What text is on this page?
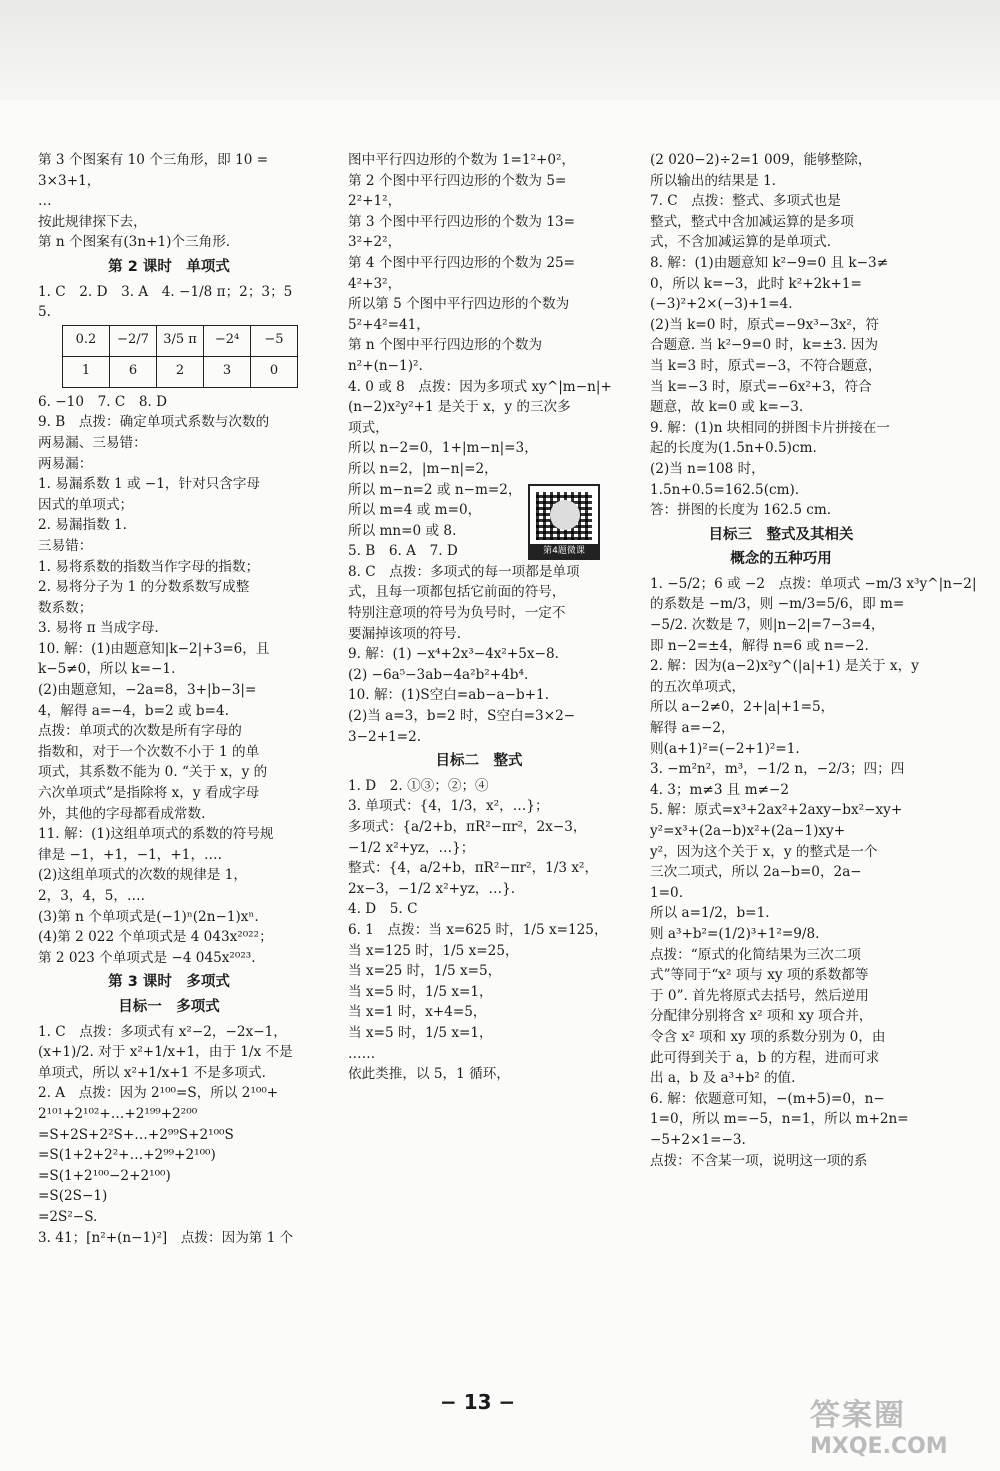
第 3 个图案有 10 个三角形，即 10 =

3×3+1，

…

按此规律探下去，

第 n 个图案有(3n+1)个三角形.

第 2 课时　单项式

1. C　2. D　3. A　4. −1/8 π；2；3；5

5.

0.2	−2/7	3/5 π	−2⁴	−5
1	6	2	3	0

6. −10　7. C　8. D

9. B　点拨：确定单项式系数与次数的

两易漏、三易错：

两易漏：

1. 易漏系数 1 或 −1，针对只含字母

因式的单项式；

2. 易漏指数 1.

三易错：

1. 易将系数的指数当作字母的指数；

2. 易将分子为 1 的分数系数写成整

数系数；

3. 易将 π 当成字母.

10. 解：(1)由题意知|k−2|+3=6，且

k−5≠0，所以 k=−1.

(2)由题意知，−2a=8，3+|b−3|=

4，解得 a=−4，b=2 或 b=4.

点拨：单项式的次数是所有字母的

指数和，对于一个次数不小于 1 的单

项式，其系数不能为 0. “关于 x，y 的

六次单项式”是指除将 x，y 看成字母

外，其他的字母都看成常数.

11. 解：(1)这组单项式的系数的符号规

律是 −1，+1，−1，+1，….

(2)这组单项式的次数的规律是 1，

2，3，4，5，….

(3)第 n 个单项式是(−1)ⁿ(2n−1)xⁿ.

(4)第 2 022 个单项式是 4 043x²⁰²²；

第 2 023 个单项式是 −4 045x²⁰²³.

第 3 课时　多项式
目标一　多项式

1. C　点拨：多项式有 x²−2，−2x−1，

(x+1)/2. 对于 x²+1/x+1，由于 1/x 不是

单项式，所以 x²+1/x+1 不是多项式.

2. A　点拨：因为 2¹⁰⁰=S，所以 2¹⁰⁰+

2¹⁰¹+2¹⁰²+…+2¹⁹⁹+2²⁰⁰

=S+2S+2²S+…+2⁹⁹S+2¹⁰⁰S

=S(1+2+2²+…+2⁹⁹+2¹⁰⁰)

=S(1+2¹⁰⁰−2+2¹⁰⁰)

=S(2S−1)

=2S²−S.

3. 41；[n²+(n−1)²]　点拨：因为第 1 个

图中平行四边形的个数为 1=1²+0²，

第 2 个图中平行四边形的个数为 5=

2²+1²，

第 3 个图中平行四边形的个数为 13=

3²+2²，

第 4 个图中平行四边形的个数为 25=

4²+3²，

所以第 5 个图中平行四边形的个数为

5²+4²=41，

第 n 个图中平行四边形的个数为

n²+(n−1)².

4. 0 或 8　点拨：因为多项式 xy^|m−n|+

(n−2)x²y²+1 是关于 x，y 的三次多

项式，

所以 n−2=0，1+|m−n|=3，

所以 n=2，|m−n|=2，

所以 m−n=2 或 n−m=2，

所以 m=4 或 m=0，

所以 mn=0 或 8.

5. B　6. A　7. D

8. C　点拨：多项式的每一项都是单项

式，且每一项都包括它前面的符号，

特别注意项的符号为负号时，一定不

要漏掉该项的符号.

9. 解：(1) −x⁴+2x³−4x²+5x−8.

(2) −6a⁵−3ab−4a²b²+4b⁴.

10. 解：(1)S空白=ab−a−b+1.

(2)当 a=3，b=2 时，S空白=3×2−

3−2+1=2.

目标二　整式

1. D　2. ①③；②；④

3. 单项式：{4，1/3，x²，…}；

多项式：{a/2+b，πR²−πr²，2x−3，

−1/2 x²+yz，…}；

整式：{4，a/2+b，πR²−πr²，1/3 x²，

2x−3，−1/2 x²+yz，…}.

4. D　5. C

6. 1　点拨：当 x=625 时，1/5 x=125，

当 x=125 时，1/5 x=25，

当 x=25 时，1/5 x=5，

当 x=5 时，1/5 x=1，

当 x=1 时，x+4=5，

当 x=5 时，1/5 x=1，

……

依此类推，以 5，1 循环，

第4题微课

(2 020−2)÷2=1 009，能够整除，

所以输出的结果是 1.

7. C　点拨：整式、多项式也是

整式，整式中含加减运算的是多项

式，不含加减运算的是单项式.

8. 解：(1)由题意知 k²−9=0 且 k−3≠

0，所以 k=−3，此时 k²+2k+1=

(−3)²+2×(−3)+1=4.

(2)当 k=0 时，原式=−9x³−3x²，符

合题意. 当 k²−9=0 时，k=±3. 因为

当 k=3 时，原式=−3，不符合题意，

当 k=−3 时，原式=−6x²+3，符合

题意，故 k=0 或 k=−3.

9. 解：(1)n 块相同的拼图卡片拼接在一

起的长度为(1.5n+0.5)cm.

(2)当 n=108 时，

1.5n+0.5=162.5(cm).

答：拼图的长度为 162.5 cm.

目标三　整式及其相关
概念的五种巧用

1. −5/2；6 或 −2　点拨：单项式 −m/3 x³y^|n−2|

的系数是 −m/3，则 −m/3=5/6，即 m=

−5/2. 次数是 7，则|n−2|=7−3=4，

即 n−2=±4，解得 n=6 或 n=−2.

2. 解：因为(a−2)x²y^(|a|+1) 是关于 x，y

的五次单项式，

所以 a−2≠0，2+|a|+1=5，

解得 a=−2，

则(a+1)²=(−2+1)²=1.

3. −m²n²，m³，−1/2 n，−2/3；四；四

4. 3；m≠3 且 m≠−2

5. 解：原式=x³+2ax²+2axy−bx²−xy+

y²=x³+(2a−b)x²+(2a−1)xy+

y²，因为这个关于 x，y 的整式是一个

三次二项式，所以 2a−b=0，2a−

1=0.

所以 a=1/2，b=1.

则 a³+b²=(1/2)³+1²=9/8.

点拨：“原式的化简结果为三次二项

式”等同于“x² 项与 xy 项的系数都等

于 0”. 首先将原式去括号，然后逆用

分配律分别将含 x² 项和 xy 项合并，

令含 x² 项和 xy 项的系数分别为 0，由

此可得到关于 a，b 的方程，进而可求

出 a，b 及 a³+b² 的值.

6. 解：依题意可知，−(m+5)=0，n−

1=0，所以 m=−5，n=1，所以 m+2n=

−5+2×1=−3.

点拨：不含某一项，说明这一项的系

− 13 −	答案圈
MXQE.COM
